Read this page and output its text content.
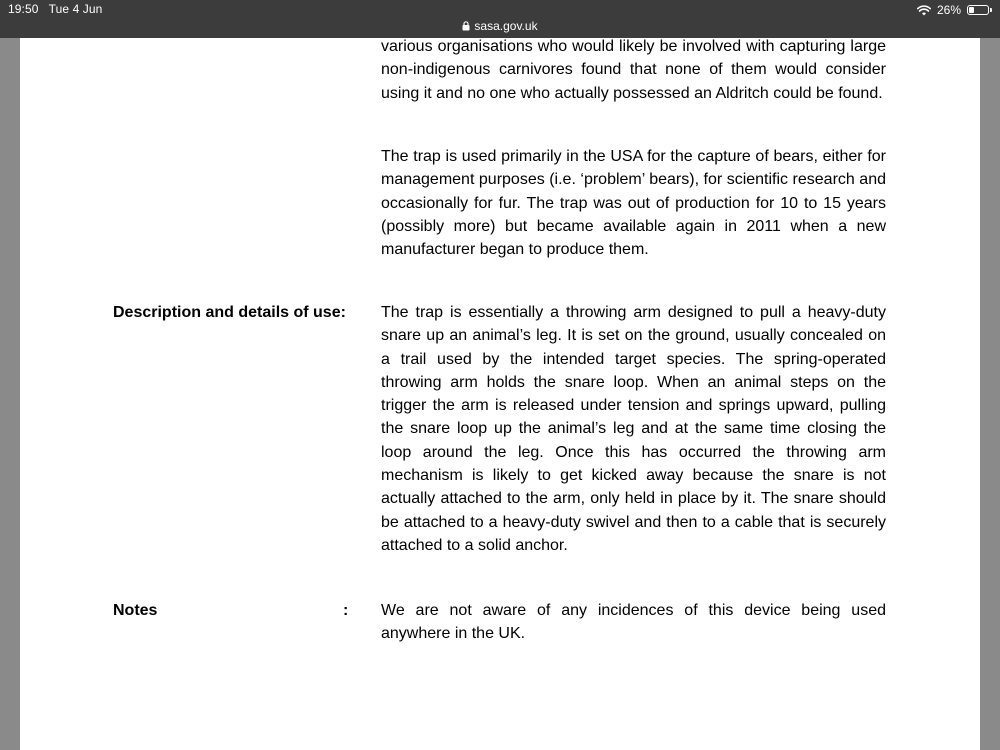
19:50 Tue 4 Jun	26%
sasa.gov.uk

various organisations who would likely be involved with capturing large non-indigenous carnivores found that none of them would consider using it and no one who actually possessed an Aldritch could be found.

The trap is used primarily in the USA for the capture of bears, either for management purposes (i.e. ‘problem’ bears), for scientific research and occasionally for fur. The trap was out of production for 10 to 15 years (possibly more) but became available again in 2011 when a new manufacturer began to produce them.

Description and details of use: The trap is essentially a throwing arm designed to pull a heavy-duty snare up an animal’s leg. It is set on the ground, usually concealed on a trail used by the intended target species. The spring-operated throwing arm holds the snare loop. When an animal steps on the trigger the arm is released under tension and springs upward, pulling the snare loop up the animal’s leg and at the same time closing the loop around the leg. Once this has occurred the throwing arm mechanism is likely to get kicked away because the snare is not actually attached to the arm, only held in place by it. The snare should be attached to a heavy-duty swivel and then to a cable that is securely attached to a solid anchor.

Notes	: We are not aware of any incidences of this device being used anywhere in the UK.
